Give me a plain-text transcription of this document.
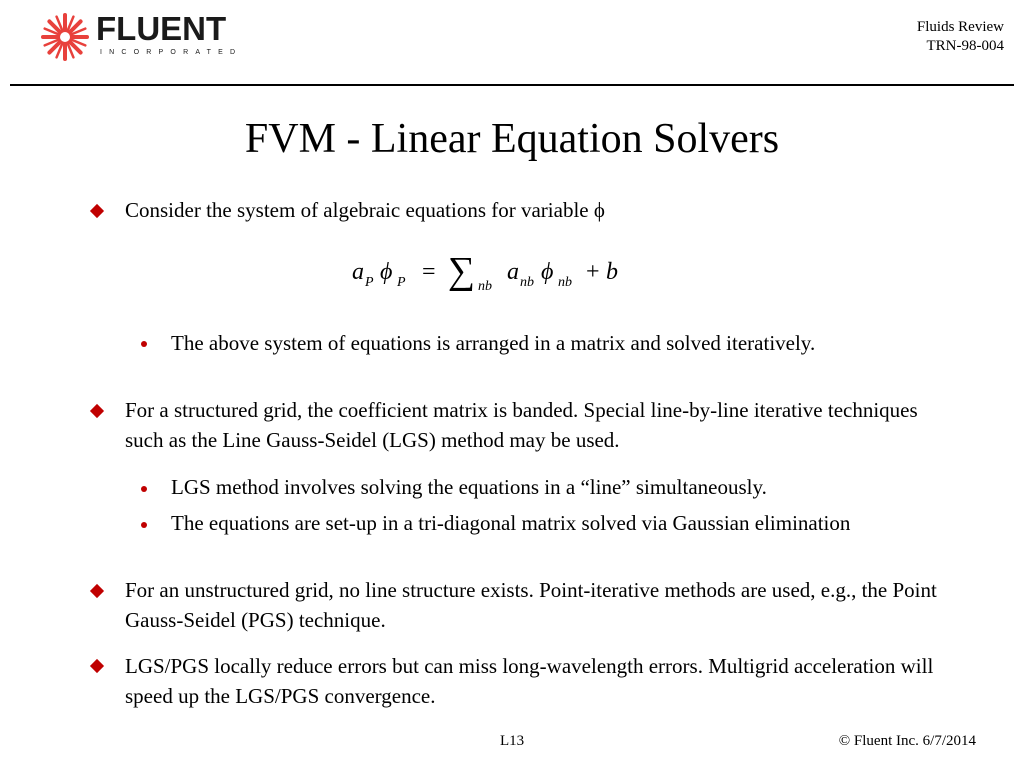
FLUENT
INCORPORATED
Fluids Review
TRN-98-004
FVM - Linear Equation Solvers
Consider the system of algebraic equations for variable ϕ
a P ϕ P = ∑ nb
a nb ϕ nb + b
The above system of equations is arranged in a matrix and solved iteratively.
For a structured grid, the coefficient matrix is banded. Special line-by-line iterative techniques such as the Line Gauss-Seidel (LGS) method may be used.
LGS method involves solving the equations in a “line” simultaneously.
The equations are set-up in a tri-diagonal matrix solved via Gaussian elimination
For an unstructured grid, no line structure exists. Point-iterative methods are used, e.g., the Point Gauss-Seidel (PGS) technique.
LGS/PGS locally reduce errors but can miss long-wavelength errors. Multigrid acceleration will speed up the LGS/PGS convergence.
L13	© Fluent Inc. 6/7/2014
